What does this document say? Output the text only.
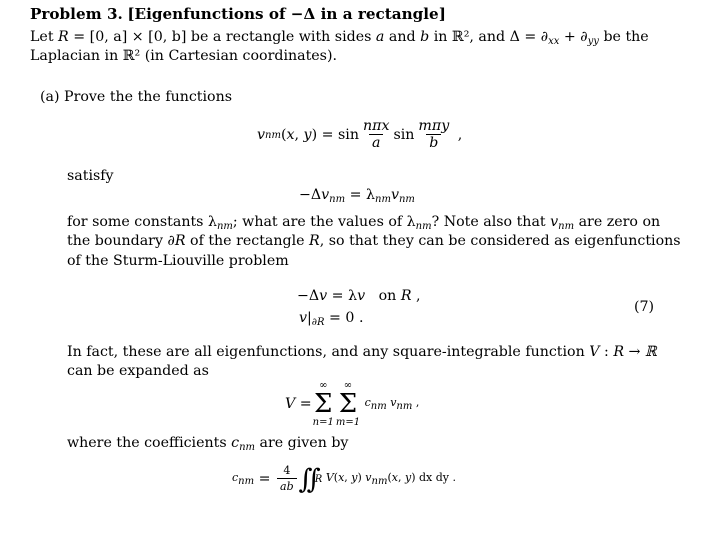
Problem 3. [Eigenfunctions of −Δ in a rectangle]
Let R = [0, a] × [0, b] be a rectangle with sides a and b in ℝ², and $\Delta = \partial_{xx} + \partial_{yy}$ be the
Laplacian in ℝ² (in Cartesian coordinates).
(a) Prove the the functions
v nm (x, $y) = \sin \frac{\text{nπx}}{a}$ $\sin \frac{\text{mπy}}{b}$ ,
satisfy
$-\Delta v_{nm} = \lambda_{nm}v_{nm}$
for some constants $\lambda_{nm}$; what are the values of $\lambda_{nm}$? Note also that $v_{nm}$ are zero on
the boundary ∂R of the rectangle R, so that they can be considered as eigenfunctions
of the Sturm-Liouville problem
−Δv = λv on R ,
$v|_{\partial R} = 0$ .
(7)
In fact, these are all eigenfunctions, and any square-integrable function V : R → ℝ
can be expanded as
V =
∞
Σ
n=1
∞
Σ
m=1
cnm vnm ,
where the coefficients $c_{nm}$ are given by
cnm = $\frac{4}{ab}$ ∫∫ R V(x, y) vnm(x, y) dx dy .
